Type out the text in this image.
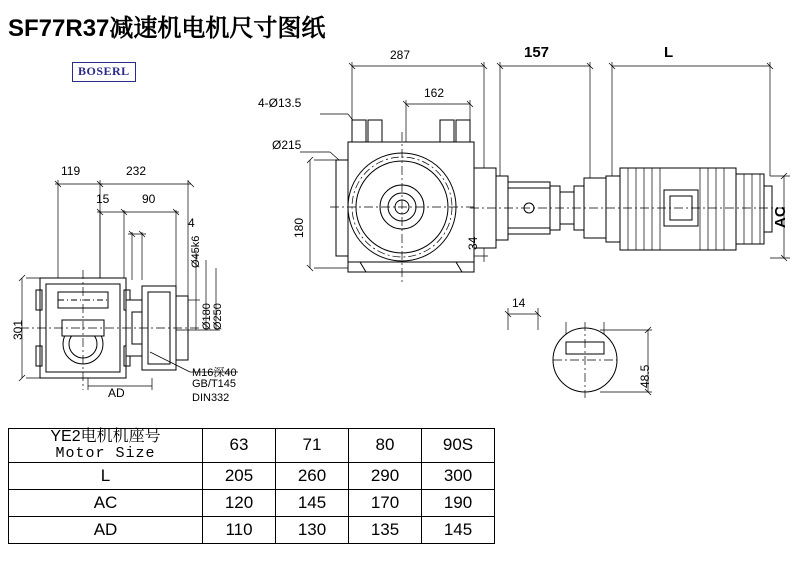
SF77R37减速机电机尺寸图纸
BOSERL
119	232
15	90
4
301
AD
Ø45k6
Ø180 Ø250
M16深40
GB/T145
DIN332
287
162
4-Ø13.5
Ø215
180
34
157	L
AC
14
48.5
YE2电机机座号
Motor Size	63	71	80	90S
L	205	260	290	300
AC	120	145	170	190
AD	110	130	135	145
